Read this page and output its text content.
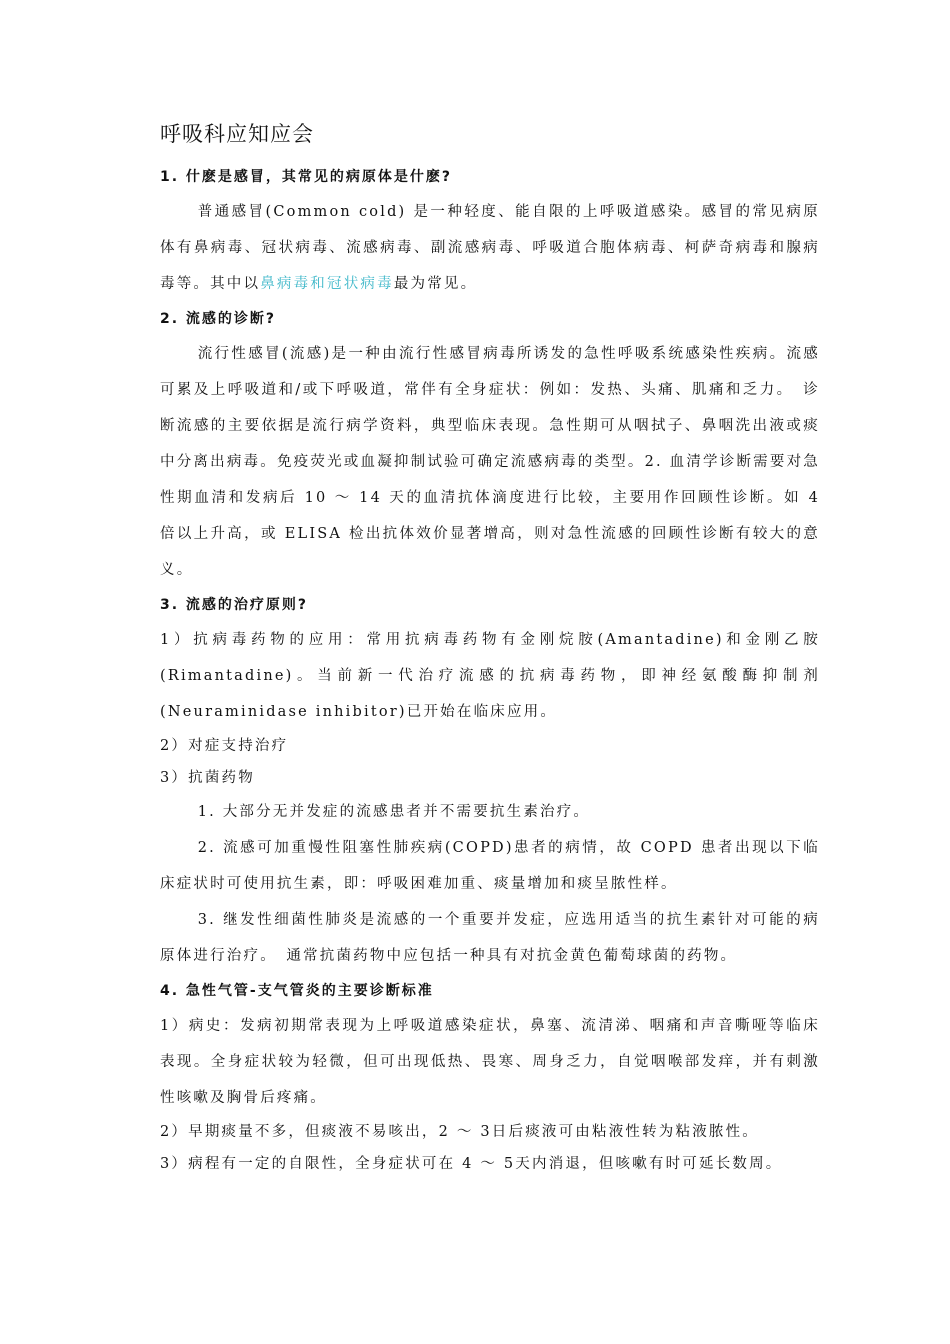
呼吸科应知应会
1. 什麽是感冒，其常见的病原体是什麽?

普通感冒(Common cold) 是一种轻度、能自限的上呼吸道感染。感冒的常见病原体有鼻病毒、冠状病毒、流感病毒、副流感病毒、呼吸道合胞体病毒、柯萨奇病毒和腺病毒等。其中以鼻病毒和冠状病毒最为常见。

2. 流感的诊断?

流行性感冒(流感)是一种由流行性感冒病毒所诱发的急性呼吸系统感染性疾病。流感可累及上呼吸道和/或下呼吸道，常伴有全身症状：例如：发热、头痛、肌痛和乏力。　诊断流感的主要依据是流行病学资料，典型临床表现。急性期可从咽拭子、鼻咽洗出液或痰中分离出病毒。免疫荧光或血凝抑制试验可确定流感病毒的类型。2. 血清学诊断需要对急性期血清和发病后 10 ～ 14 天的血清抗体滴度进行比较，主要用作回顾性诊断。如 4 倍以上升高，或 ELISA 检出抗体效价显著增高，则对急性流感的回顾性诊断有较大的意义。

3. 流感的治疗原则?

1）抗病毒药物的应用：常用抗病毒药物有金刚烷胺(Amantadine)和金刚乙胺(Rimantadine)。当前新一代治疗流感的抗病毒药物，即神经氨酸酶抑制剂(Neuraminidase inhibitor)已开始在临床应用。

2）对症支持治疗

3）抗菌药物

1. 大部分无并发症的流感患者并不需要抗生素治疗。

2. 流感可加重慢性阻塞性肺疾病(COPD)患者的病情，故 COPD 患者出现以下临床症状时可使用抗生素，即：呼吸困难加重、痰量增加和痰呈脓性样。

3. 继发性细菌性肺炎是流感的一个重要并发症，应选用适当的抗生素针对可能的病原体进行治疗。　通常抗菌药物中应包括一种具有对抗金黄色葡萄球菌的药物。

4. 急性气管-支气管炎的主要诊断标准

1）病史：发病初期常表现为上呼吸道感染症状，鼻塞、流清涕、咽痛和声音嘶哑等临床表现。全身症状较为轻微，但可出现低热、畏寒、周身乏力，自觉咽喉部发痒，并有刺激性咳嗽及胸骨后疼痛。

2）早期痰量不多，但痰液不易咳出，2 ～ 3日后痰液可由粘液性转为粘液脓性。

3）病程有一定的自限性，全身症状可在 4 ～ 5天内消退，但咳嗽有时可延长数周。
